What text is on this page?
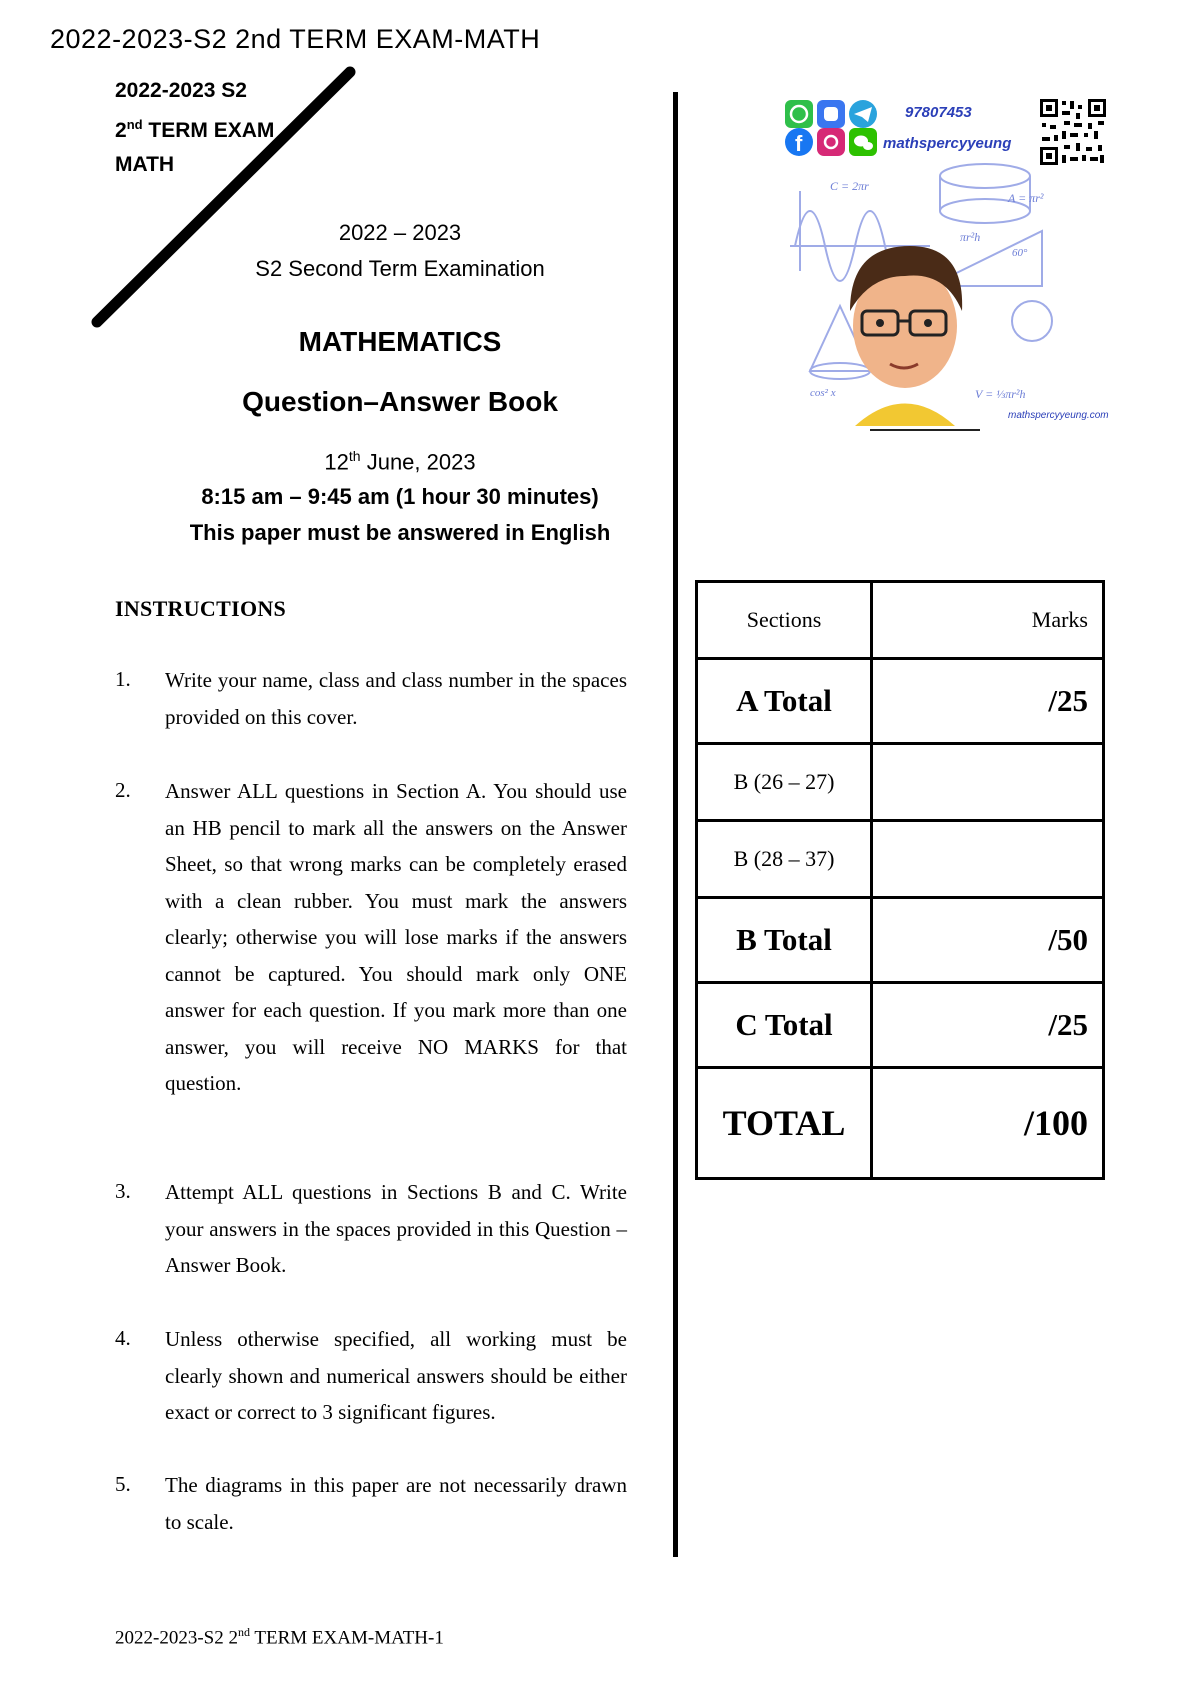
2022-2023-S2 2nd TERM EXAM-MATH
2022-2023 S2
2nd TERM EXAM
MATH
2022 – 2023
S2 Second Term Examination
MATHEMATICS
Question–Answer Book
12th June, 2023
8:15 am – 9:45 am (1 hour 30 minutes)
This paper must be answered in English
INSTRUCTIONS
1. Write your name, class and class number in the spaces provided on this cover.
2. Answer ALL questions in Section A. You should use an HB pencil to mark all the answers on the Answer Sheet, so that wrong marks can be completely erased with a clean rubber. You must mark the answers clearly; otherwise you will lose marks if the answers cannot be captured. You should mark only ONE answer for each question. If you mark more than one answer, you will receive NO MARKS for that question.
3. Attempt ALL questions in Sections B and C. Write your answers in the spaces provided in this Question – Answer Book.
4. Unless otherwise specified, all working must be clearly shown and numerical answers should be either exact or correct to 3 significant figures.
5. The diagrams in this paper are not necessarily drawn to scale.
f
97807453
mathspercyyeung
C = 2πr
A = πr²
πr²h
V = ⅓πr²h
60°
cos² x
mathspercyyeung.com
Sections	Marks
A Total	/25
B (26 – 27)	
B (28 – 37)	
B Total	/50
C Total	/25
TOTAL	/100
2022-2023-S2 2nd TERM EXAM-MATH-1
